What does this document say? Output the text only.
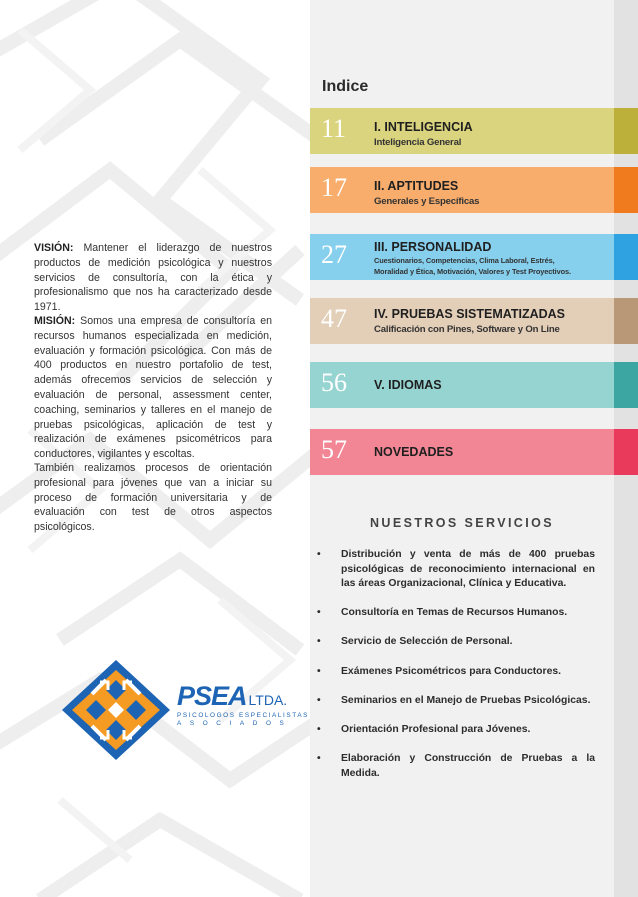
VISIÓN: Mantener el liderazgo de nuestros productos de medición psicológica y nuestros servicios de consultoría, con la ética y profesionalismo que nos ha caracterizado desde 1971.

MISIÓN: Somos una empresa de consultoría en recursos humanos especializada en medición, evaluación y formación psicológica. Con más de 400 productos en nuestro portafolio de test, además ofrecemos servicios de selección y evaluación de personal, assessment center, coaching, seminarios y talleres en el manejo de pruebas psicológicas, aplicación de test y realización de exámenes psicométricos para conductores, vigilantes y escoltas.

También realizamos procesos de orientación profesional para jóvenes que van a iniciar su proceso de formación universitaria y de evaluación con test de otros aspectos psicológicos.

PSEA LTDA.
PSICOLOGOS ESPECIALISTAS
ASOCIADOS
Indice
11 I. INTELIGENCIA
Inteligencia General
17 II. APTITUDES
Generales y Específicas
27 III. PERSONALIDAD
Cuestionarios, Competencias, Clima Laboral, Estrés,
Moralidad y Ética, Motivación, Valores y Test Proyectivos.
47 IV. PRUEBAS SISTEMATIZADAS
Calificación con Pines, Software y On Line
56 V. IDIOMAS
57 NOVEDADES
NUESTROS SERVICIOS
• Distribución y venta de más de 400 pruebas psicológicas de reconocimiento internacional en las áreas Organizacional, Clínica y Educativa.
• Consultoría en Temas de Recursos Humanos.
• Servicio de Selección de Personal.
• Exámenes Psicométricos para Conductores.
• Seminarios en el Manejo de Pruebas Psicológicas.
• Orientación Profesional para Jóvenes.
• Elaboración y Construcción de Pruebas a la Medida.
